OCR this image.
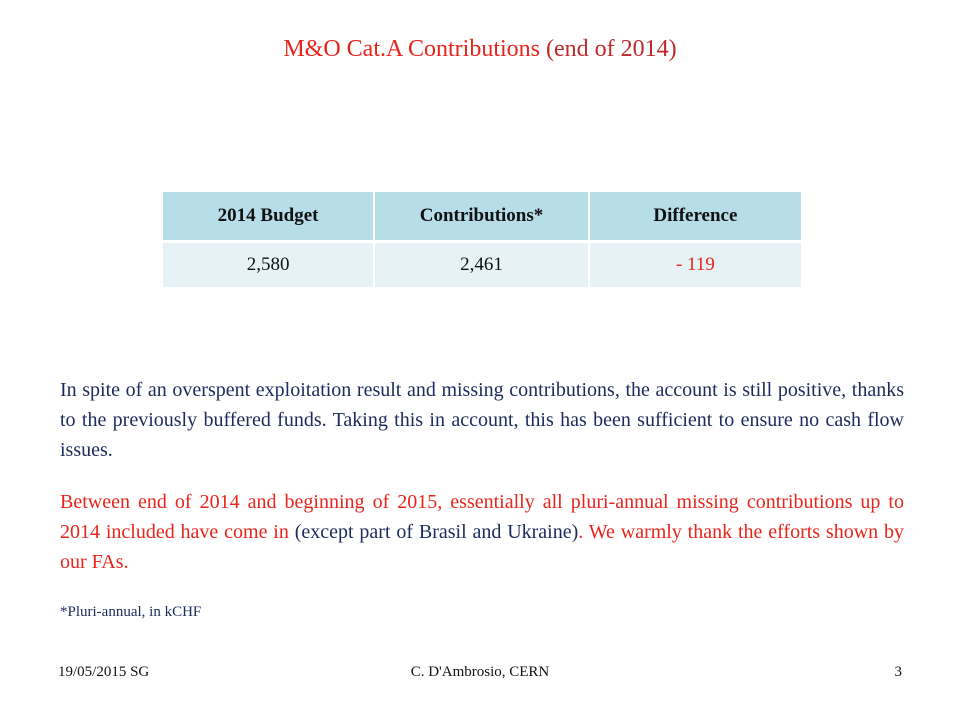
M&O Cat.A Contributions (end of 2014)
2014 Budget	Contributions*	Difference
2,580	2,461	- 119
In spite of an overspent exploitation result and missing contributions, the account is still positive, thanks to the previously buffered funds. Taking this in account, this has been sufficient to ensure no cash flow issues.
Between end of 2014 and beginning of 2015, essentially all pluri-annual missing contributions up to 2014 included have come in (except part of Brasil and Ukraine). We warmly thank the efforts shown by our FAs.
*Pluri-annual, in kCHF
19/05/2015 SG	C. D'Ambrosio, CERN	3
